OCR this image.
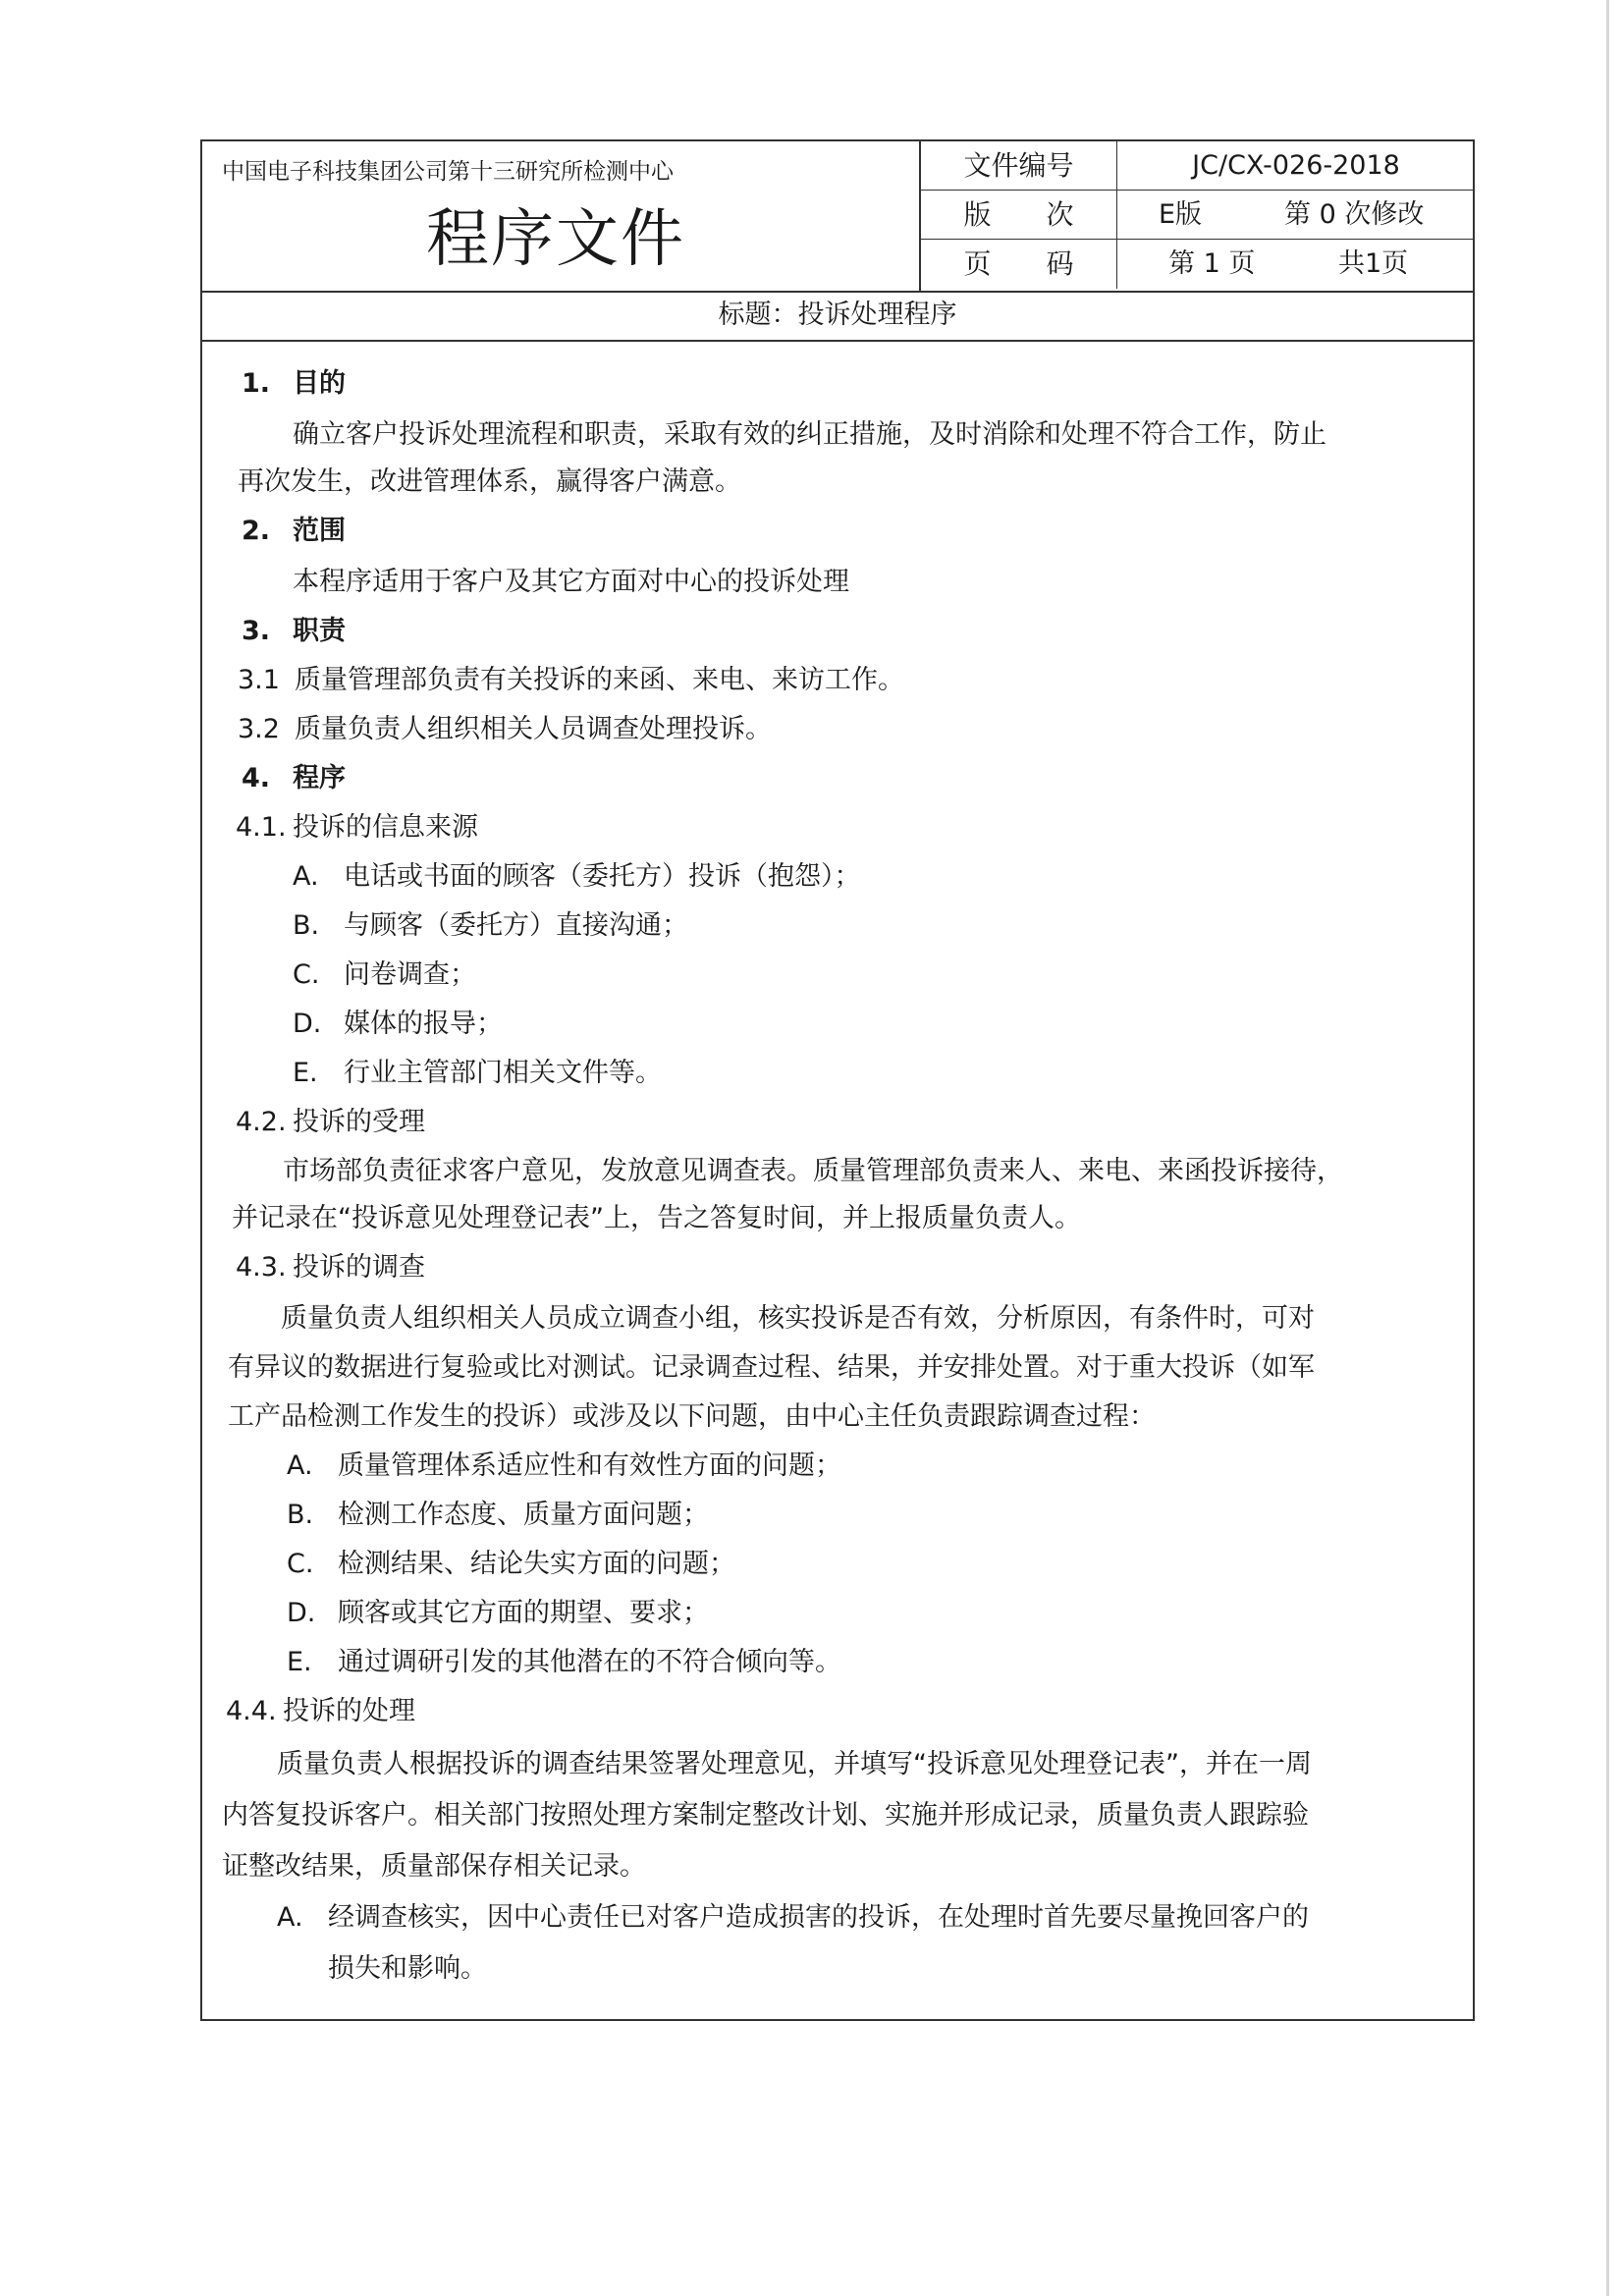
中国电子科技集团公司第十三研究所检测中心
程序文件
文件编号	JC/CX-026-2018
版　　次	E版	第 0 次修改
页　　码	第 1 页	共1页
标题：投诉处理程序
1. 目的
确立客户投诉处理流程和职责，采取有效的纠正措施，及时消除和处理不符合工作，防止
再次发生，改进管理体系，赢得客户满意。
2. 范围
本程序适用于客户及其它方面对中心的投诉处理
3. 职责
3.1 质量管理部负责有关投诉的来函、来电、来访工作。
3.2 质量负责人组织相关人员调查处理投诉。
4. 程序
4.1. 投诉的信息来源
A. 电话或书面的顾客（委托方）投诉（抱怨）；
B. 与顾客（委托方）直接沟通；
C. 问卷调查；
D. 媒体的报导；
E. 行业主管部门相关文件等。
4.2. 投诉的受理
市场部负责征求客户意见，发放意见调查表。质量管理部负责来人、来电、来函投诉接待，
并记录在“投诉意见处理登记表”上，告之答复时间，并上报质量负责人。
4.3. 投诉的调查
质量负责人组织相关人员成立调查小组，核实投诉是否有效，分析原因，有条件时，可对
有异议的数据进行复验或比对测试。记录调查过程、结果，并安排处置。对于重大投诉（如军
工产品检测工作发生的投诉）或涉及以下问题，由中心主任负责跟踪调查过程：
A. 质量管理体系适应性和有效性方面的问题；
B. 检测工作态度、质量方面问题；
C. 检测结果、结论失实方面的问题；
D. 顾客或其它方面的期望、要求；
E. 通过调研引发的其他潜在的不符合倾向等。
4.4. 投诉的处理
质量负责人根据投诉的调查结果签署处理意见，并填写“投诉意见处理登记表”，并在一周
内答复投诉客户。相关部门按照处理方案制定整改计划、实施并形成记录，质量负责人跟踪验
证整改结果，质量部保存相关记录。
A. 经调查核实，因中心责任已对客户造成损害的投诉，在处理时首先要尽量挽回客户的
损失和影响。
